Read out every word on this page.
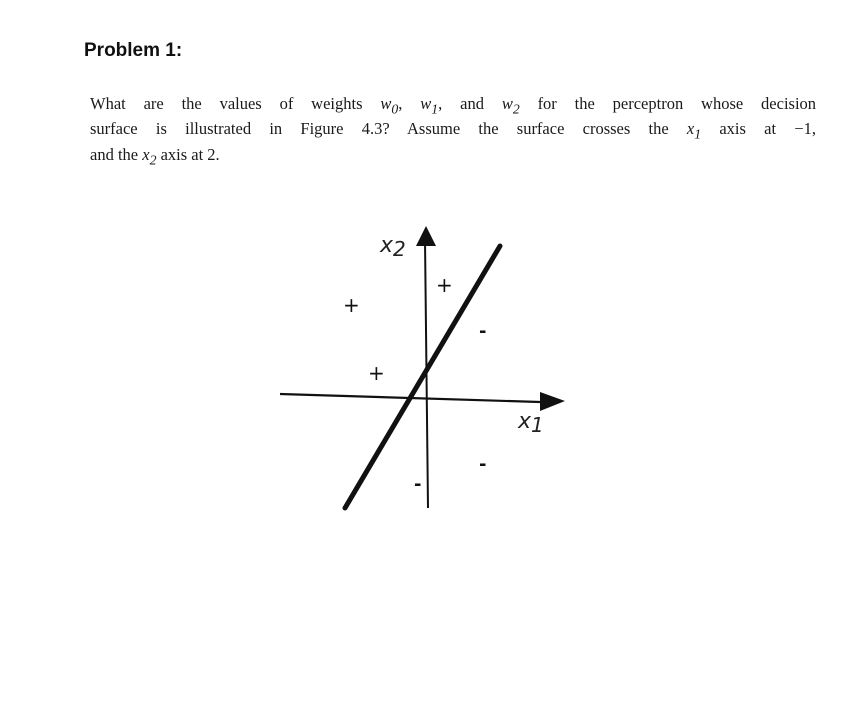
Problem 1:
What are the values of weights $w_0$, $w_1$, and $w_2$ for the perceptron whose decision
surface is illustrated in Figure 4.3? Assume the surface crosses the $x_1$ axis at −1,
and the $x_2$ axis at 2.
x2
x1
+
+
+
-
-
-
